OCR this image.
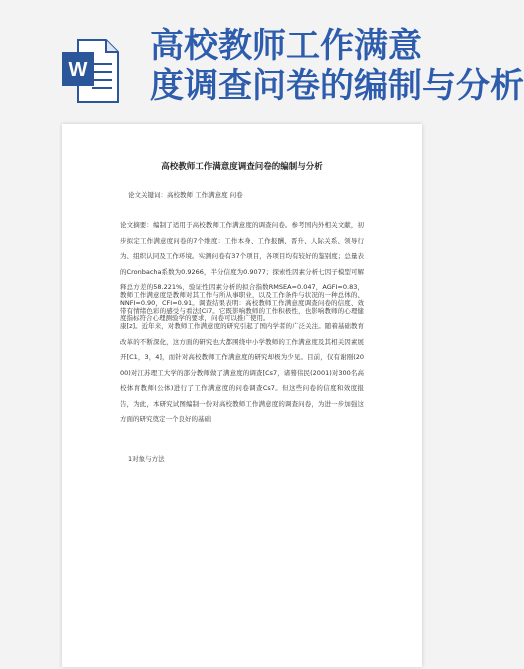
W
高校教师工作满意
度调查问卷的编制与分析
高校教师工作满意度调查问卷的编制与分析
论文关键词：高校教师 工作满意度 问卷
论文摘要：编制了适用于高校教师工作满意度的调查问卷。参考国内外相关文献，初步拟定工作满意度问卷的7个维度：工作本身、工作报酬、晋升、人际关系、领导行为、组织认同及工作环境。实测问卷有37个项目，各项目均有较好的鉴别度；总量表的Cronbacha系数为0.9266，半分信度为0.9077；探索性因素分析七因子模型可解释总方差的58.221%，验证性因素分析的拟合指数RMSEA=0.047，AGFI=0.83，NNFI=0.90，CFI=0.91。调查结果表明：高校教师工作满意度调查问卷的信度、效度指标符合心理测验学的要求，问卷可以推广使用。
教师工作满意度是教师对其工作与所从事职业，以及工作条件与状况的一种总体的、带有情绪色彩的感受与看法[Ci7。它既影响教师的工作积极性，也影响教师的心理健康[z]。近年来，对教师工作满意度的研究引起了国内学者的广泛关注。随着基础教育改革的不断深化，这方面的研究也大都围绕中小学教师的工作满意度及其相关因素展开[C1，3，4]，而针对高校教师工作满意度的研究却极为少见。目前，仅有谢刚(2000)对江苏理工大学的部分教师做了满意度的调查[Cs7，诸蓦伟民(2001)对300名高校体育教师(公体)进行了工作满意度的问卷调查Cs7。但这些问卷的信度和效度报告，为此，本研究试图编制一份对高校教师工作满意度的调查问卷，为进一步加强这方面的研究奠定一个良好的基础
1对象与方法
